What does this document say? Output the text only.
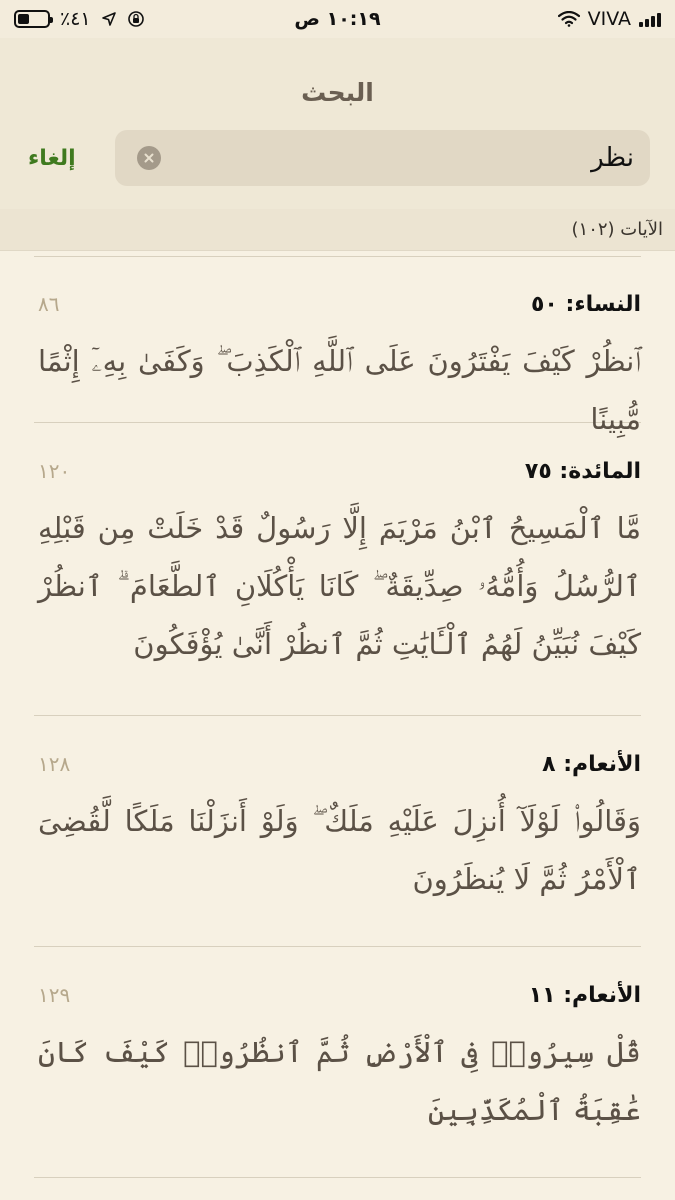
٪٤١	١٠:١٩ ص	VIVA
البحث
نظر
إلغاء
الآيات (١٠٢)
النساء: ٥٠
٨٦
ٱنظُرْ كَيْفَ يَفْتَرُونَ عَلَى ٱللَّهِ ٱلْكَذِبَ ۖ وَكَفَىٰ بِهِۦٓ إِثْمًا مُّبِينًا
المائدة: ٧٥
١٢٠
مَّا ٱلْمَسِيحُ ٱبْنُ مَرْيَمَ إِلَّا رَسُولٌ قَدْ خَلَتْ مِن قَبْلِهِ ٱلرُّسُلُ وَأُمُّهُۥ صِدِّيقَةٌ ۖ كَانَا يَأْكُلَانِ ٱلطَّعَامَ ۗ ٱنظُرْ كَيْفَ نُبَيِّنُ لَهُمُ ٱلْـَٔايَٰتِ ثُمَّ ٱنظُرْ أَنَّىٰ يُؤْفَكُونَ
الأنعام: ٨
١٢٨
وَقَالُوا۟ لَوْلَآ أُنزِلَ عَلَيْهِ مَلَكٌ ۖ وَلَوْ أَنزَلْنَا مَلَكًا لَّقُضِىَ ٱلْأَمْرُ ثُمَّ لَا يُنظَرُونَ
الأنعام: ١١
١٢٩
قُلْ سِيرُوا۟ فِى ٱلْأَرْضِ ثُمَّ ٱنظُرُوا۟ كَيْفَ كَانَ عَٰقِبَةُ ٱلْمُكَذِّبِينَ
